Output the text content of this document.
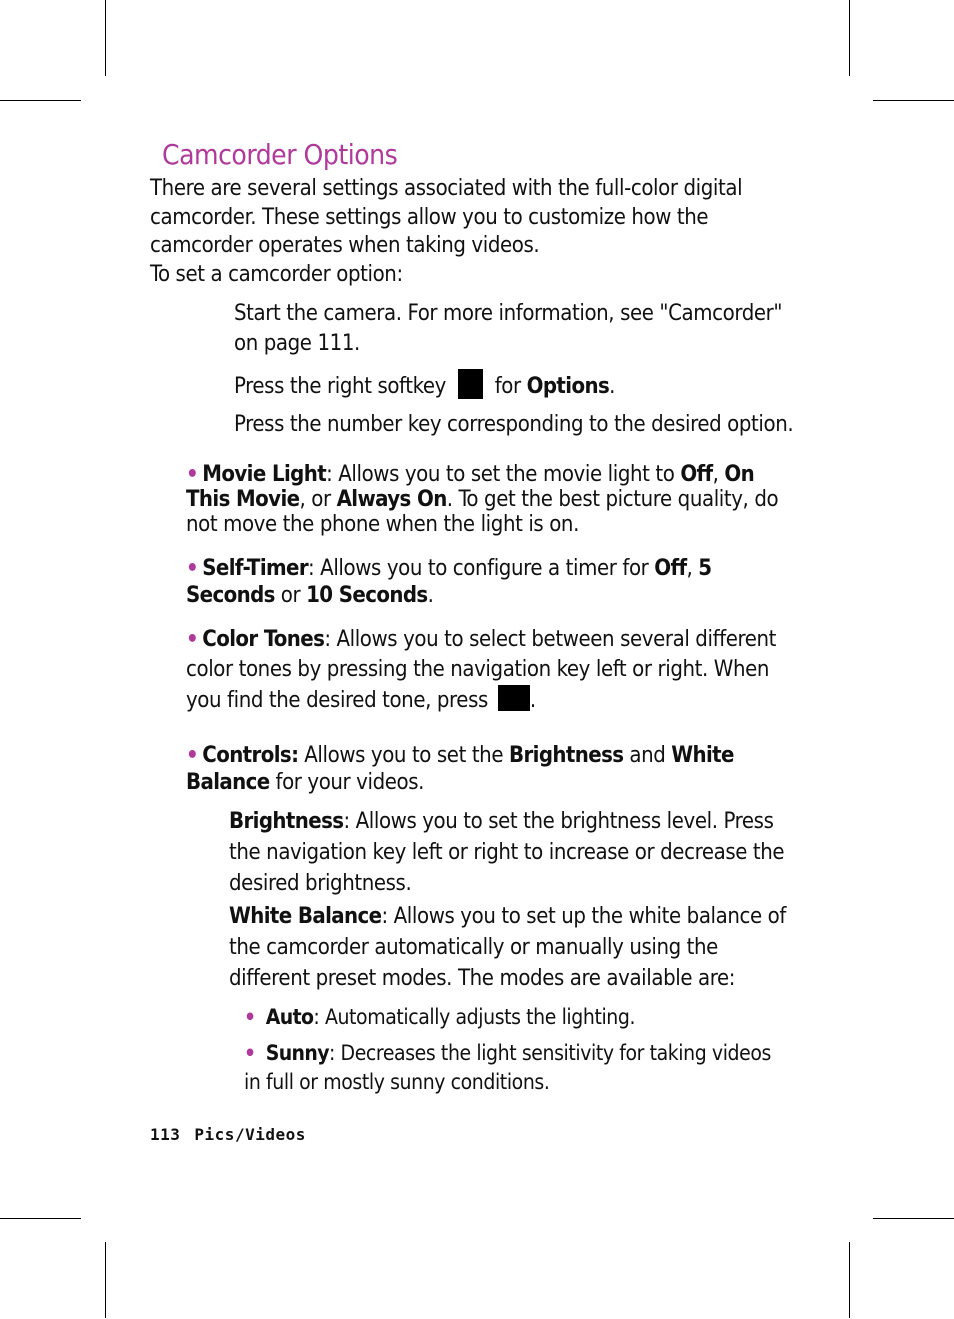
Camcorder Options
There are several settings associated with the full-color digital camcorder. These settings allow you to customize how the camcorder operates when taking videos.
To set a camcorder option:
Start the camera. For more information, see "Camcorder" on page 111.
Press the right softkey for Options.
Press the number key corresponding to the desired option.
• Movie Light: Allows you to set the movie light to Off, On This Movie, or Always On. To get the best picture quality, do not move the phone when the light is on.
• Self-Timer: Allows you to configure a timer for Off, 5 Seconds or 10 Seconds.
• Color Tones: Allows you to select between several different color tones by pressing the navigation key left or right. When you find the desired tone, press .
• Controls: Allows you to set the Brightness and White Balance for your videos.
Brightness: Allows you to set the brightness level. Press the navigation key left or right to increase or decrease the desired brightness.
White Balance: Allows you to set up the white balance of the camcorder automatically or manually using the different preset modes. The modes are available are:
• Auto: Automatically adjusts the lighting.
• Sunny: Decreases the light sensitivity for taking videos in full or mostly sunny conditions.
113 Pics/Videos
